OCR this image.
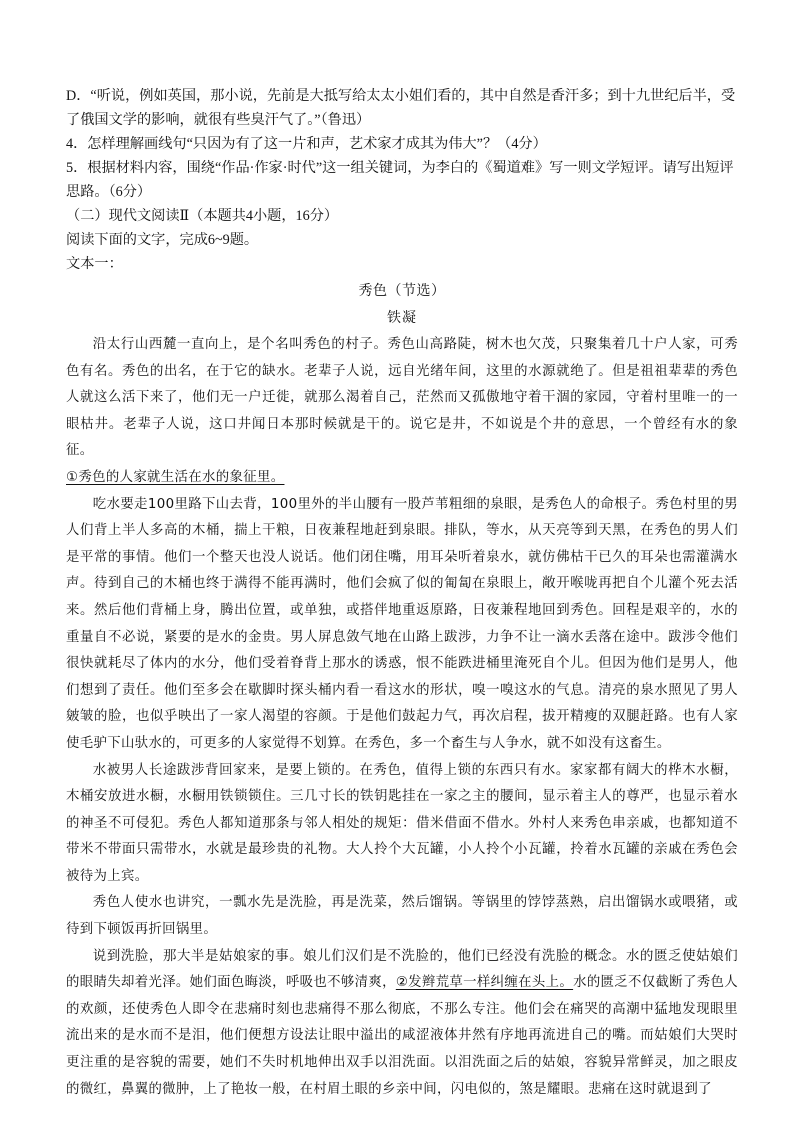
D．“听说，例如英国，那小说，先前是大抵写给太太小姐们看的，其中自然是香汗多；到十九世纪后半，受了俄国文学的影响，就很有些臭汗气了。”（鲁迅）

4．怎样理解画线句“只因为有了这一片和声，艺术家才成其为伟大”？（4分）

5．根据材料内容，围绕“作品·作家·时代”这一组关键词，为李白的《蜀道难》写一则文学短评。请写出短评思路。（6分）

（二）现代文阅读Ⅱ（本题共4小题，16分）

阅读下面的文字，完成6~9题。

文本一：

秀色（节选）

铁凝

沿太行山西麓一直向上，是个名叫秀色的村子。秀色山高路陡，树木也欠茂，只聚集着几十户人家，可秀色有名。秀色的出名，在于它的缺水。老辈子人说，远自光绪年间，这里的水源就绝了。但是祖祖辈辈的秀色人就这么活下来了，他们无一户迁徙，就那么渴着自己，茫然而又孤傲地守着干涸的家园，守着村里唯一的一眼枯井。老辈子人说，这口井闻日本那时候就是干的。说它是井，不如说是个井的意思，一个曾经有水的象征。
①秀色的人家就生活在水的象征里。

吃水要走100里路下山去背，100里外的半山腰有一股芦苇粗细的泉眼，是秀色人的命根子。秀色村里的男人们背上半人多高的木桶，揣上干粮，日夜兼程地赶到泉眼。排队，等水，从天亮等到天黑，在秀色的男人们是平常的事情。他们一个整天也没人说话。他们闭住嘴，用耳朵听着泉水，就仿佛枯干已久的耳朵也需灌满水声。待到自己的木桶也终于满得不能再满时，他们会疯了似的匍匐在泉眼上，敞开喉咙再把自个儿灌个死去活来。然后他们背桶上身，腾出位置，或单独，或搭伴地重返原路，日夜兼程地回到秀色。回程是艰辛的，水的重量自不必说，紧要的是水的金贵。男人屏息敛气地在山路上跋涉，力争不让一滴水丢落在途中。跋涉令他们很快就耗尽了体内的水分，他们受着脊背上那水的诱惑，恨不能跌进桶里淹死自个儿。但因为他们是男人，他们想到了责任。他们至多会在歇脚时探头桶内看一看这水的形状，嗅一嗅这水的气息。清亮的泉水照见了男人皴皱的脸，也似乎映出了一家人渴望的容颜。于是他们鼓起力气，再次启程，拔开精瘦的双腿赶路。也有人家使毛驴下山驮水的，可更多的人家觉得不划算。在秀色，多一个畜生与人争水，就不如没有这畜生。

水被男人长途跋涉背回家来，是要上锁的。在秀色，值得上锁的东西只有水。家家都有阔大的桦木水橱，木桶安放进水橱，水橱用铁锁锁住。三几寸长的铁钥匙挂在一家之主的腰间，显示着主人的尊严，也显示着水的神圣不可侵犯。秀色人都知道那条与邻人相处的规矩：借米借面不借水。外村人来秀色串亲戚，也都知道不带米不带面只需带水，水就是最珍贵的礼物。大人拎个大瓦罐，小人拎个小瓦罐，拎着水瓦罐的亲戚在秀色会被待为上宾。

秀色人使水也讲究，一瓢水先是洗脸，再是洗菜，然后馏锅。等锅里的饽饽蒸熟，启出馏锅水或喂猪，或待到下顿饭再折回锅里。

说到洗脸，那大半是姑娘家的事。娘儿们汉们是不洗脸的，他们已经没有洗脸的概念。水的匮乏使姑娘们的眼睛失却着光泽。她们面色晦淡，呼吸也不够清爽，②发辫荒草一样纠缠在头上。水的匮乏不仅截断了秀色人的欢颜，还使秀色人即令在悲痛时刻也悲痛得不那么彻底，不那么专注。他们会在痛哭的高潮中猛地发现眼里流出来的是水而不是泪，他们便想方设法让眼中溢出的咸涩液体井然有序地再流进自己的嘴。而姑娘们大哭时更注重的是容貌的需要，她们不失时机地伸出双手以泪洗面。以泪洗面之后的姑娘，容貌异常鲜灵，加之眼皮的微红，鼻翼的微肿，上了艳妆一般，在村眉土眼的乡亲中间，闪电似的，煞是耀眼。悲痛在这时就退到了
